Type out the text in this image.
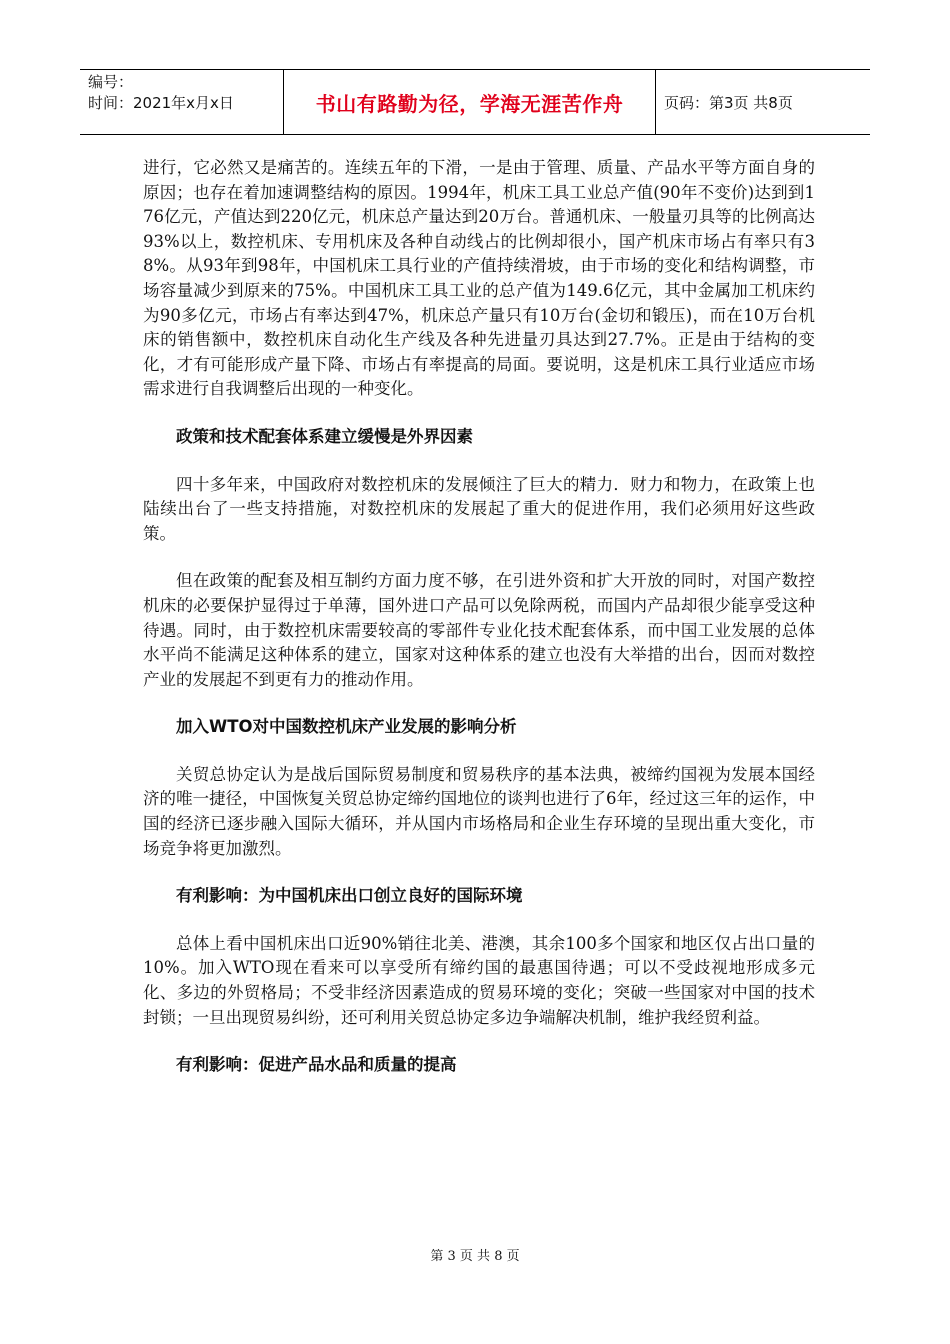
编号：
时间：2021年x月x日	书山有路勤为径，学海无涯苦作舟	页码：第3页 共8页

进行，它必然又是痛苦的。连续五年的下滑，一是由于管理、质量、产品水平等方面自身的原因；也存在着加速调整结构的原因。1994年，机床工具工业总产值(90年不变价)达到到176亿元，产值达到220亿元，机床总产量达到20万台。普通机床、一般量刃具等的比例高达93%以上，数控机床、专用机床及各种自动线占的比例却很小，国产机床市场占有率只有38%。从93年到98年，中国机床工具行业的产值持续滑坡，由于市场的变化和结构调整，市场容量减少到原来的75%。中国机床工具工业的总产值为149.6亿元，其中金属加工机床约为90多亿元，市场占有率达到47%，机床总产量只有10万台(金切和锻压)，而在10万台机床的销售额中，数控机床自动化生产线及各种先进量刃具达到27.7%。正是由于结构的变化，才有可能形成产量下降、市场占有率提高的局面。要说明，这是机床工具行业适应市场需求进行自我调整后出现的一种变化。

政策和技术配套体系建立缓慢是外界因素

四十多年来，中国政府对数控机床的发展倾注了巨大的精力．财力和物力，在政策上也陆续出台了一些支持措施，对数控机床的发展起了重大的促进作用，我们必须用好这些政策。

但在政策的配套及相互制约方面力度不够，在引进外资和扩大开放的同时，对国产数控机床的必要保护显得过于单薄，国外进口产品可以免除两税，而国内产品却很少能享受这种待遇。同时，由于数控机床需要较高的零部件专业化技术配套体系，而中国工业发展的总体水平尚不能满足这种体系的建立，国家对这种体系的建立也没有大举措的出台，因而对数控产业的发展起不到更有力的推动作用。

加入WTO对中国数控机床产业发展的影响分析

关贸总协定认为是战后国际贸易制度和贸易秩序的基本法典，被缔约国视为发展本国经济的唯一捷径，中国恢复关贸总协定缔约国地位的谈判也进行了6年，经过这三年的运作，中国的经济已逐步融入国际大循环，并从国内市场格局和企业生存环境的呈现出重大变化，市场竞争将更加激烈。

有利影响：为中国机床出口创立良好的国际环境

总体上看中国机床出口近90%销往北美、港澳，其余100多个国家和地区仅占出口量的10%。加入WTO现在看来可以享受所有缔约国的最惠国待遇；可以不受歧视地形成多元化、多边的外贸格局；不受非经济因素造成的贸易环境的变化；突破一些国家对中国的技术封锁；一旦出现贸易纠纷，还可利用关贸总协定多边争端解决机制，维护我经贸利益。

有利影响：促进产品水品和质量的提高
第 3 页 共 8 页
